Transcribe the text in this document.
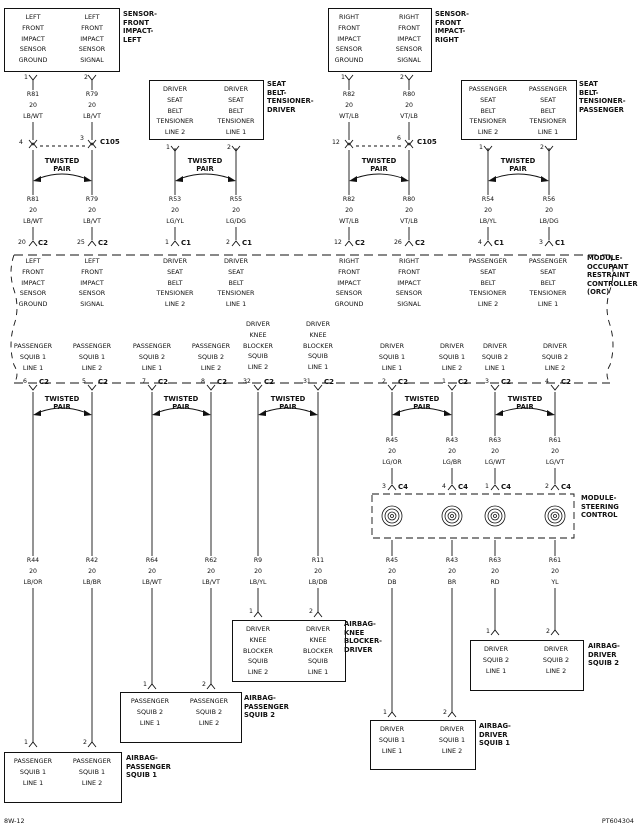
LEFT
FRONT
IMPACT
SENSOR
GROUND
LEFT
FRONT
IMPACT
SENSOR
SIGNAL
SENSOR-
FRONT
IMPACT-
LEFT
RIGHT
FRONT
IMPACT
SENSOR
GROUND
RIGHT
FRONT
IMPACT
SENSOR
SIGNAL
SENSOR-
FRONT
IMPACT-
RIGHT
DRIVER
SEAT
BELT
TENSIONER
LINE 2
DRIVER
SEAT
BELT
TENSIONER
LINE 1
SEAT
BELT-
TENSIONER-
DRIVER
PASSENGER
SEAT
BELT
TENSIONER
LINE 2
PASSENGER
SEAT
BELT
TENSIONER
LINE 1
SEAT
BELT-
TENSIONER-
PASSENGER
1	2	1	2
1	2	1	2
R81
20
LB/WT
R79
20
LB/VT
R82
20
WT/LB
R80
20
VT/LB
4
3 C105	12
6 C105
TWISTED
PAIR
TWISTED
PAIR
TWISTED
PAIR
TWISTED
PAIR
R81
20
LB/WT
R79
20
LB/VT
R53
20
LG/YL
R55
20
LG/DG
R82
20
WT/LB
R80
20
VT/LB
R54
20
LB/YL
R56
20
LB/DG
20 C2	25 C2	1 C1	2 C1	12 C2	26 C2	4 C1	3 C1
LEFT
FRONT
IMPACT
SENSOR
GROUND
LEFT
FRONT
IMPACT
SENSOR
SIGNAL
DRIVER
SEAT
BELT
TENSIONER
LINE 2
DRIVER
SEAT
BELT
TENSIONER
LINE 1
RIGHT
FRONT
IMPACT
SENSOR
GROUND
RIGHT
FRONT
IMPACT
SENSOR
SIGNAL
PASSENGER
SEAT
BELT
TENSIONER
LINE 2
PASSENGER
SEAT
BELT
TENSIONER
LINE 1
MODULE-
OCCUPANT
RESTRAINT
CONTROLLER
(ORC)
PASSENGER
SQUIB 1
LINE 1
PASSENGER
SQUIB 1
LINE 2
PASSENGER
SQUIB 2
LINE 1
PASSENGER
SQUIB 2
LINE 2
DRIVER
KNEE
BLOCKER
SQUIB
LINE 2
DRIVER
KNEE
BLOCKER
SQUIB
LINE 1
DRIVER
SQUIB 1
LINE 1
DRIVER
SQUIB 1
LINE 2
DRIVER
SQUIB 2
LINE 1
DRIVER
SQUIB 2
LINE 2
6 C2	5 C2	7 C2	8 C2	32 C2	31 C2	2 C2	1 C2	3 C2	4 C2
TWISTED
PAIR
TWISTED
PAIR
TWISTED
PAIR
TWISTED
PAIR
TWISTED
PAIR
R45
20
LG/OR
R43
20
LG/BR
R63
20
LG/WT
R61
20
LG/VT
3 C4	4 C4	1 C4	2 C4
MODULE-
STEERING
CONTROL
R44
20
LB/OR
R42
20
LB/BR
R64
20
LB/WT
R62
20
LB/VT
R9
20
LB/YL
R11
20
LB/DB
R45
20
DB
R43
20
BR
R63
20
RD
R61
20
YL
1	2
DRIVER
KNEE
BLOCKER
SQUIB
LINE 2
DRIVER
KNEE
BLOCKER
SQUIB
LINE 1
AIRBAG-
KNEE
BLOCKER-
DRIVER
1	2
DRIVER
SQUIB 2
LINE 1
DRIVER
SQUIB 2
LINE 2
AIRBAG-
DRIVER
SQUIB 2
1	2
PASSENGER
SQUIB 2
LINE 1
PASSENGER
SQUIB 2
LINE 2
AIRBAG-
PASSENGER
SQUIB 2	1	2
DRIVER
SQUIB 1
LINE 1
DRIVER
SQUIB 1
LINE 2
AIRBAG-
DRIVER
SQUIB 1
1	2
PASSENGER
SQUIB 1
LINE 1
PASSENGER
SQUIB 1
LINE 2
AIRBAG-
PASSENGER
SQUIB 1
8W-12	PT604304
